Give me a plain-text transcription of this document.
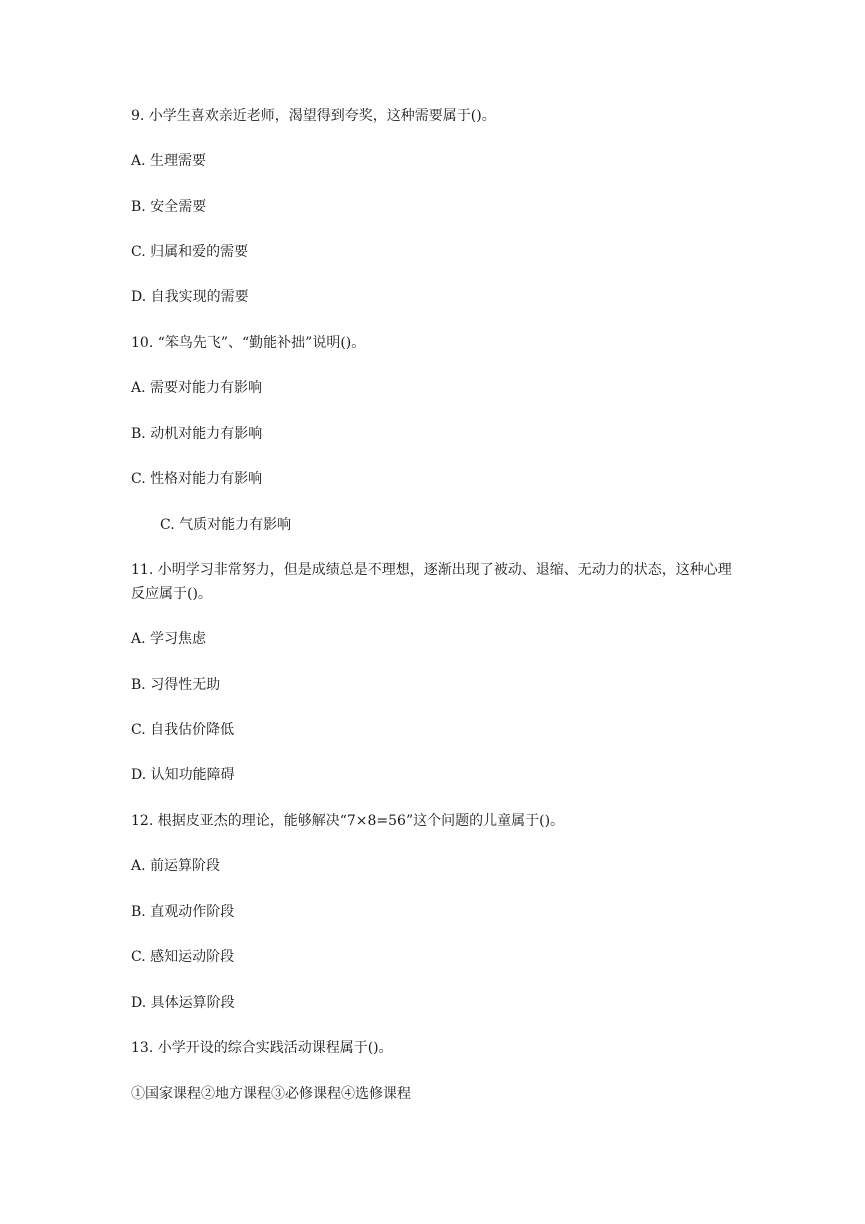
9. 小学生喜欢亲近老师，渴望得到夸奖，这种需要属于()。

A. 生理需要

B. 安全需要

C. 归属和爱的需要

D. 自我实现的需要

10. “笨鸟先飞”、“勤能补拙”说明()。

A. 需要对能力有影响

B. 动机对能力有影响

C. 性格对能力有影响

C. 气质对能力有影响

11. 小明学习非常努力，但是成绩总是不理想，逐渐出现了被动、退缩、无动力的状态，这种心理反应属于()。

A. 学习焦虑

B. 习得性无助

C. 自我估价降低

D. 认知功能障碍

12. 根据皮亚杰的理论，能够解决“7×8=56”这个问题的儿童属于()。

A. 前运算阶段

B. 直观动作阶段

C. 感知运动阶段

D. 具体运算阶段

13. 小学开设的综合实践活动课程属于()。

①国家课程②地方课程③必修课程④选修课程
